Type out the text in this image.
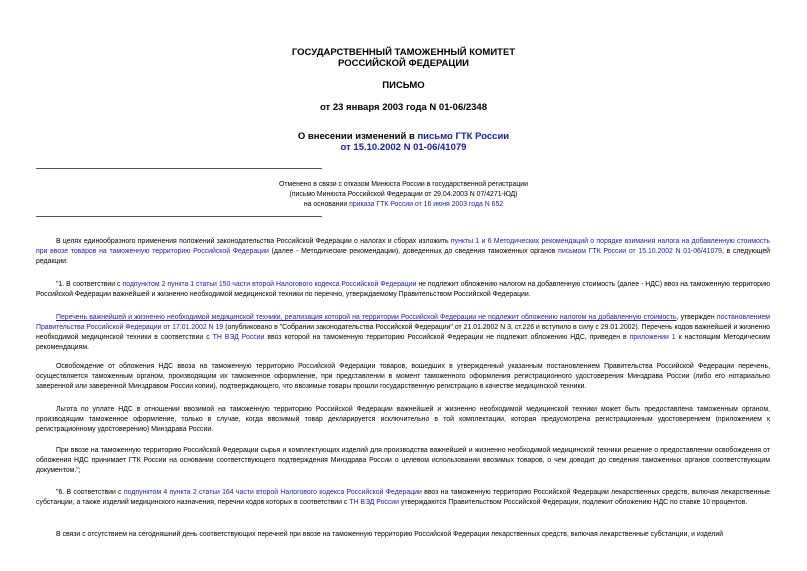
ГОСУДАРСТВЕННЫЙ ТАМОЖЕННЫЙ КОМИТЕТ
РОССИЙСКОЙ ФЕДЕРАЦИИ
ПИСЬМО
от 23 января 2003 года N 01-06/2348
О внесении изменений в письмо ГТК России
от 15.10.2002 N 01-06/41079
Отменено в связи с отказом Минюста России в государственной регистрации
(письмо Минюста Российской Федерации от 29.04.2003 N 07/4271-ЮД)
на основании приказа ГТК России от 16 июня 2003 года N 652
В целях единообразного применения положений законодательства Российской Федерации о налогах и сборах изложить пункты 1 и 6 Методических рекомендаций о порядке взимания налога на добавленную стоимость при ввозе товаров на таможенную территорию Российской Федерации (далее - Методические рекомендации), доведенных до сведения таможенных органов письмом ГТК России от 15.10.2002 N 01-06/41079, в следующей редакции:
"1. В соответствии с подпунктом 2 пункта 1 статьи 150 части второй Налогового кодекса Российской Федерации не подлежит обложению налогом на добавленную стоимость (далее - НДС) ввоз на таможенную территорию Российской Федерации важнейшей и жизненно необходимой медицинской техники по перечню, утверждаемому Правительством Российской Федерации.
Перечень важнейшей и жизненно необходимой медицинской техники, реализация которой на территории Российской Федерации не подлежит обложению налогом на добавленную стоимость, утвержден постановлением Правительства Российской Федерации от 17.01.2002 N 19 (опубликовано в "Собрании законодательства Российской Федерации" от 21.01.2002 N 3, ст.226 и вступило в силу с 29.01.2002). Перечень кодов важнейшей и жизненно необходимой медицинской техники в соответствии с ТН ВЭД России ввоз которой на таможенную территорию Российской Федерации не подлежит обложению НДС, приведен в приложении 1 к настоящим Методическим рекомендациям.
Освобождение от обложения НДС ввоза на таможенную территорию Российской Федерации товаров, вошедших в утвержденный указанным постановлением Правительства Российской Федерации перечень, осуществляется таможенным органом, производящим их таможенное оформление, при представлении в момент таможенного оформления регистрационного удостоверения Минздрава России (либо его нотариально заверенной или заверенной Минздравом России копии), подтверждающего, что ввозимые товары прошли государственную регистрацию в качестве медицинской техники.
Льгота по уплате НДС в отношении ввозимой на таможенную территорию Российской Федерации важнейшей и жизненно необходимой медицинской техники может быть предоставлена таможенным органом, производящим таможенное оформление, только в случае, когда ввозимый товар декларируется исключительно в той комплектации, которая предусмотрена регистрационным удостоверением (приложением к регистрационному удостоверению) Минздрава России.
При ввозе на таможенную территорию Российской Федерации сырья и комплектующих изделий для производства важнейшей и жизненно необходимой медицинской техники решение о предоставлении освобождения от обложения НДС принимает ГТК России на основании соответствующего подтверждения Минздрава России о целевом использовании ввозимых товаров, о чем доводит до сведения таможенных органов соответствующим документом.";
"6. В соответствии с подпунктом 4 пункта 2 статьи 164 части второй Налогового кодекса Российской Федерации ввоз на таможенную территорию Российской Федерации лекарственных средств, включая лекарственные субстанции, а также изделий медицинского назначения, перечни кодов которых в соответствии с ТН ВЭД России утверждаются Правительством Российской Федерации, подлежит обложению НДС по ставке 10 процентов.
В связи с отсутствием на сегодняшний день соответствующих перечней при ввозе на таможенную территорию Российской Федерации лекарственных средств, включая лекарственные субстанции, и изделий
